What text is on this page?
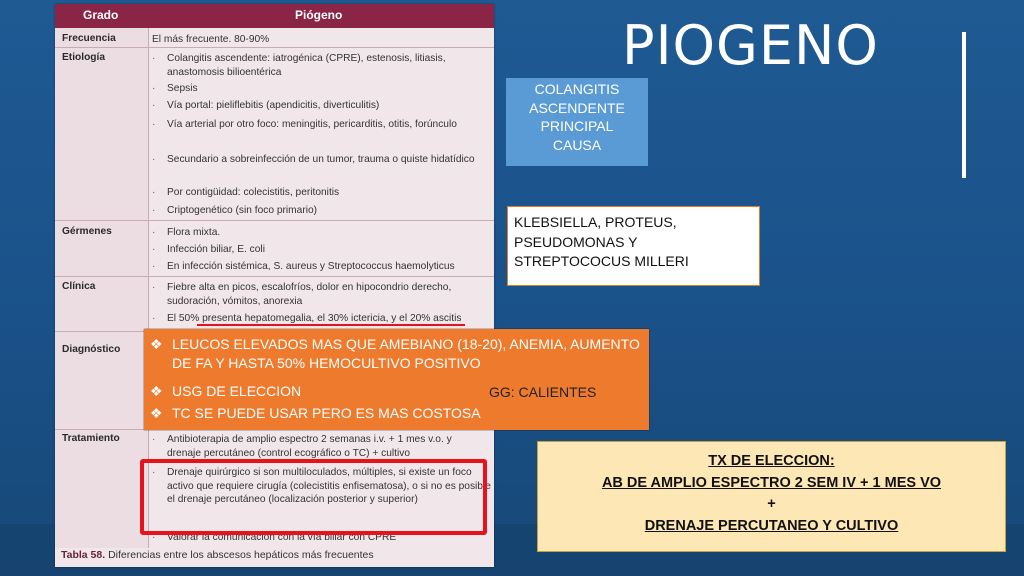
Grado	Piógeno
Frecuencia	El más frecuente. 80-90%
Etiología	· Colangitis ascendente: iatrogénica (CPRE), estenosis, litiasis, anastomosis bilioentérica
· Sepsis
· Vía portal: pieliflebitis (apendicitis, diverticulitis)
· Vía arterial por otro foco: meningitis, pericarditis, otitis, forúnculo
· Secundario a sobreinfección de un tumor, trauma o quiste hidatídico
· Por contigüidad: colecistitis, peritonitis
· Criptogenético (sin foco primario)
Gérmenes	· Flora mixta.
· Infección biliar, E. coli
· En infección sistémica, S. aureus y Streptococcus haemolyticus
Clínica	· Fiebre alta en picos, escalofríos, dolor en hipocondrio derecho, sudoración, vómitos, anorexia
· El 50% presenta hepatomegalia, el 30% ictericia, y el 20% ascitis
Diagnóstico
Tratamiento	· Antibioterapia de amplio espectro 2 semanas i.v. + 1 mes v.o. y drenaje percutáneo (control ecográfico o TC) + cultivo
· Drenaje quirúrgico si son multiloculados, múltiples, si existe un foco activo que requiere cirugía (colecistitis enfisematosa), o si no es posible el drenaje percutáneo (localización posterior y superior)
· Valorar la comunicación con la vía biliar con CPRE
Tabla 58. Diferencias entre los abscesos hepáticos más frecuentes
PIOGENO
COLANGITIS
ASCENDENTE
PRINCIPAL
CAUSA
KLEBSIELLA, PROTEUS,
PSEUDOMONAS Y
STREPTOCOCUS MILLERI
❖ LEUCOS ELEVADOS MAS QUE AMEBIANO (18-20), ANEMIA, AUMENTO DE FA Y HASTA 50% HEMOCULTIVO POSITIVO
❖ USG DE ELECCION
❖ TC SE PUEDE USAR PERO ES MAS COSTOSA
GG: CALIENTES
TX DE ELECCION:
AB DE AMPLIO ESPECTRO 2 SEM IV + 1 MES VO
+
DRENAJE PERCUTANEO Y CULTIVO
